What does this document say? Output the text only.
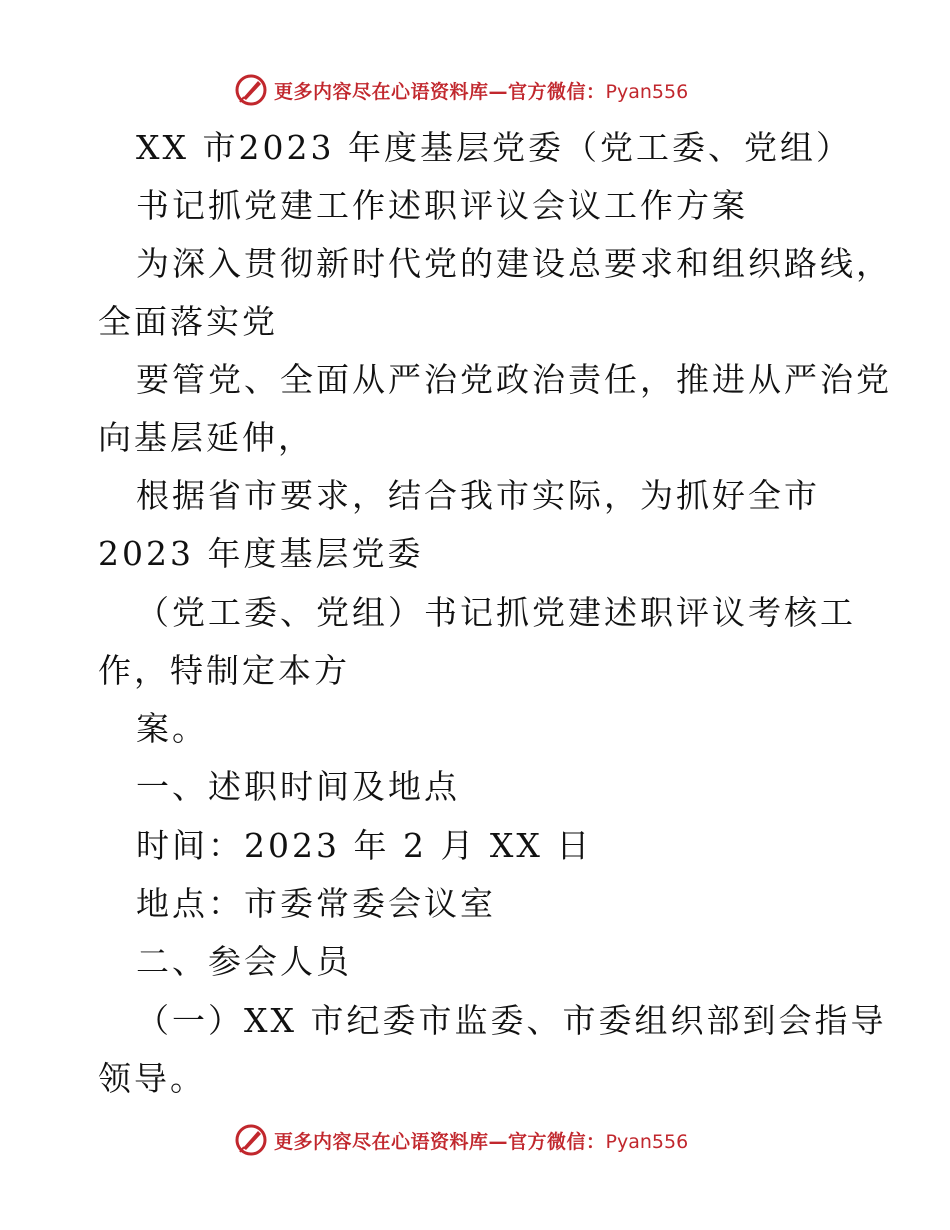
更多内容尽在心语资料库—官方微信：Pyan556
XX 市2023 年度基层党委（党工委、党组）
书记抓党建工作述职评议会议工作方案
为深入贯彻新时代党的建设总要求和组织路线，
全面落实党
要管党、全面从严治党政治责任，推进从严治党
向基层延伸，
根据省市要求，结合我市实际，为抓好全市
2023 年度基层党委
（党工委、党组）书记抓党建述职评议考核工
作，特制定本方
案。
一、述职时间及地点
时间：2023 年 2 月 XX 日
地点：市委常委会议室
二、参会人员
（一）XX 市纪委市监委、市委组织部到会指导
领导。
更多内容尽在心语资料库—官方微信：Pyan556
